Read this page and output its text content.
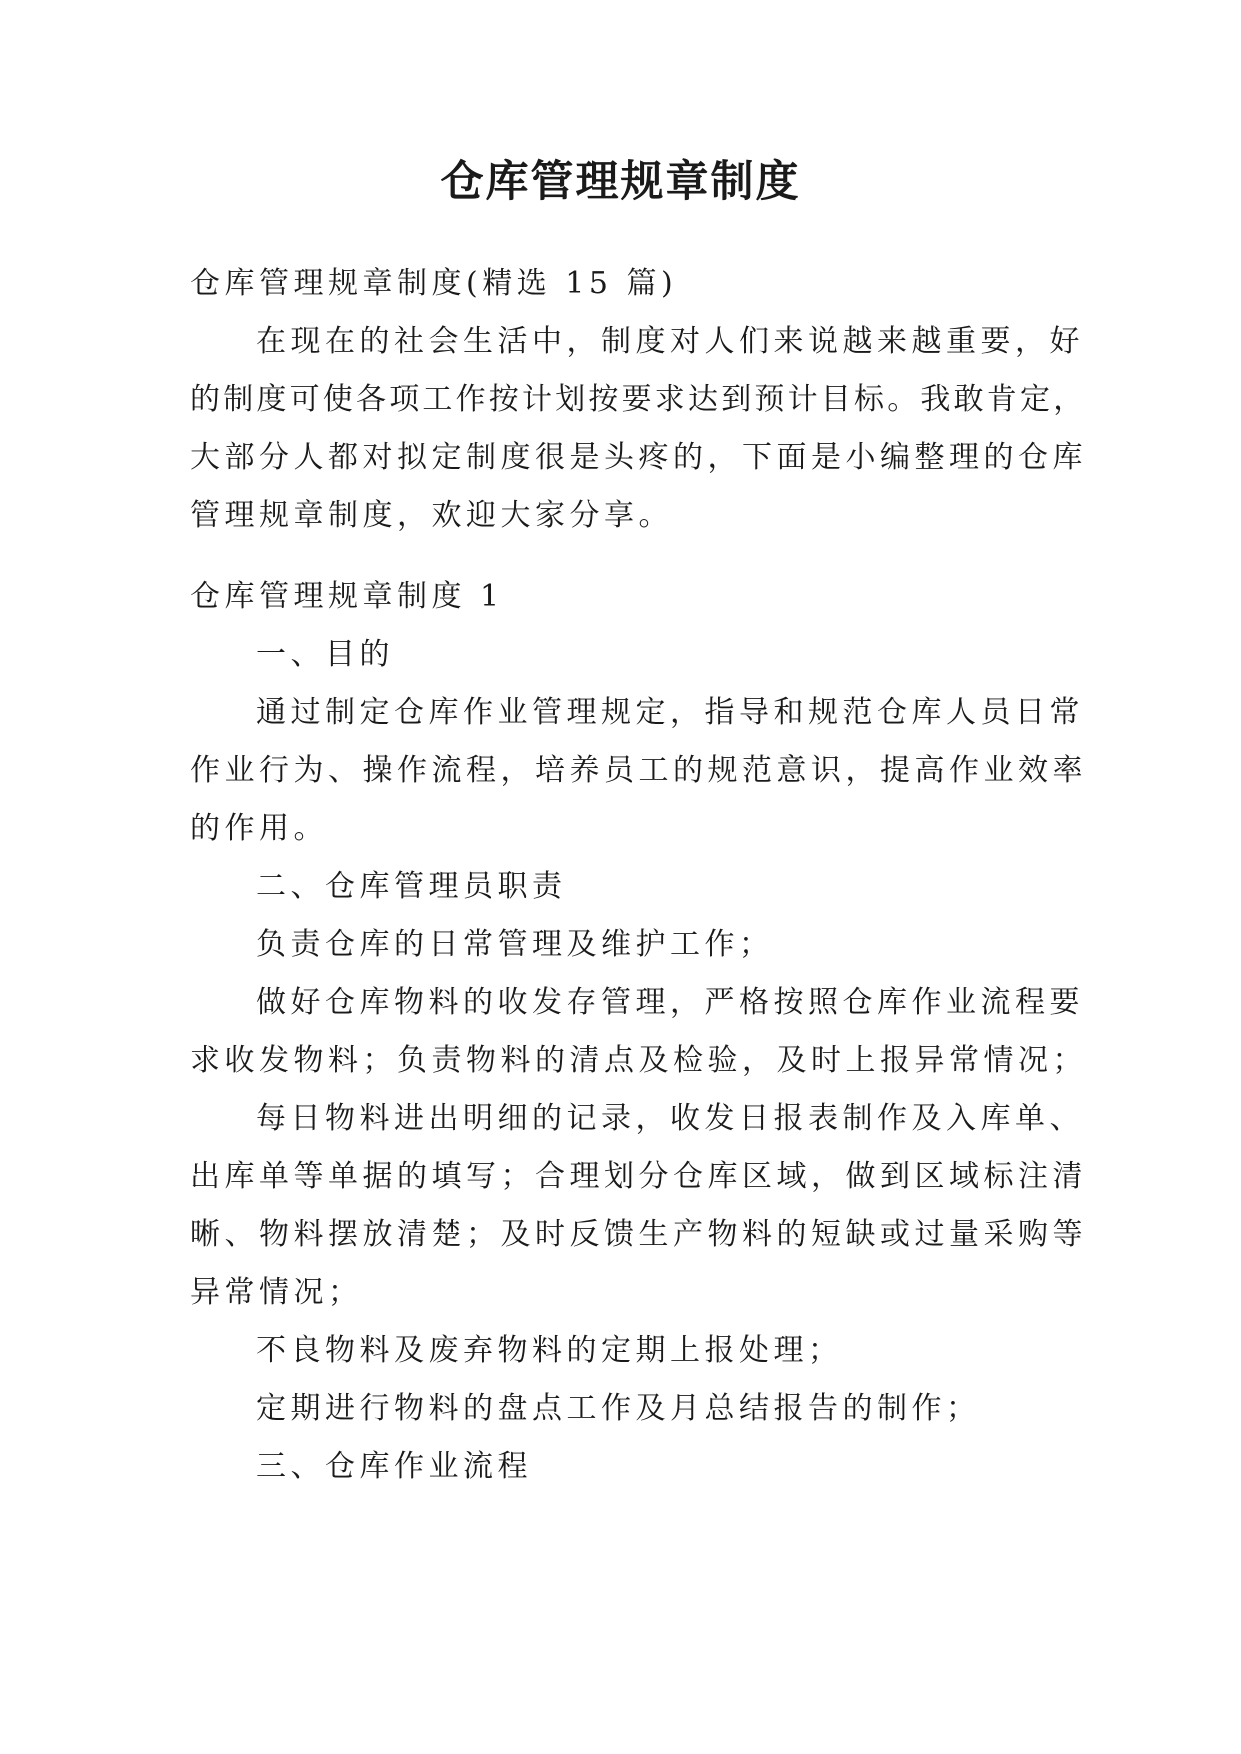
仓库管理规章制度

仓库管理规章制度(精选 15 篇)

在现在的社会生活中，制度对人们来说越来越重要，好
的制度可使各项工作按计划按要求达到预计目标。我敢肯定，
大部分人都对拟定制度很是头疼的，下面是小编整理的仓库
管理规章制度，欢迎大家分享。

仓库管理规章制度 1

一、目的
通过制定仓库作业管理规定，指导和规范仓库人员日常
作业行为、操作流程，培养员工的规范意识，提高作业效率
的作用。
二、仓库管理员职责
负责仓库的日常管理及维护工作；
做好仓库物料的收发存管理，严格按照仓库作业流程要
求收发物料；负责物料的清点及检验，及时上报异常情况；
每日物料进出明细的记录，收发日报表制作及入库单、
出库单等单据的填写；合理划分仓库区域，做到区域标注清
晰、物料摆放清楚；及时反馈生产物料的短缺或过量采购等
异常情况；
不良物料及废弃物料的定期上报处理；
定期进行物料的盘点工作及月总结报告的制作；
三、仓库作业流程
